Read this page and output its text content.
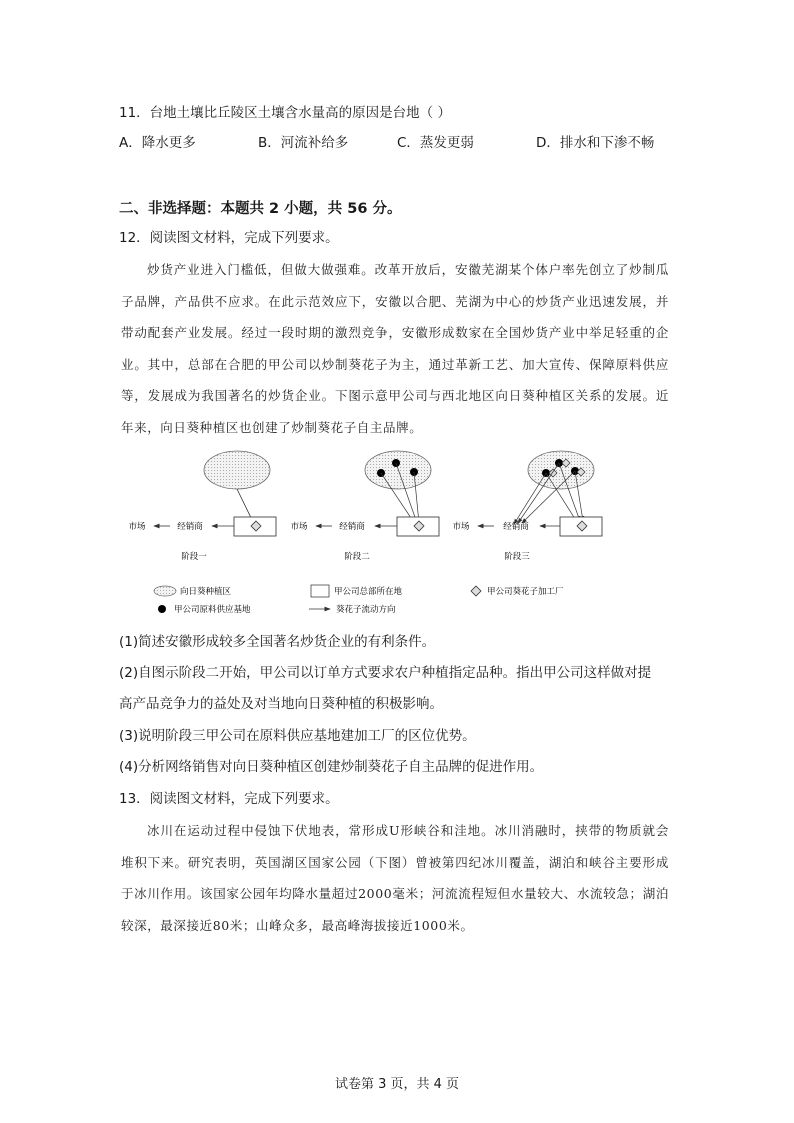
11．台地土壤比丘陵区土壤含水量高的原因是台地（ ）
A．降水更多	B．河流补给多	C．蒸发更弱	D．排水和下渗不畅
二、非选择题：本题共 2 小题，共 56 分。
12．阅读图文材料，完成下列要求。
炒货产业进入门槛低，但做大做强难。改革开放后，安徽芜湖某个体户率先创立了炒制瓜子品牌，产品供不应求。在此示范效应下，安徽以合肥、芜湖为中心的炒货产业迅速发展，并带动配套产业发展。经过一段时期的激烈竞争，安徽形成数家在全国炒货产业中举足轻重的企业。其中，总部在合肥的甲公司以炒制葵花子为主，通过革新工艺、加大宣传、保障原料供应等，发展成为我国著名的炒货企业。下图示意甲公司与西北地区向日葵种植区关系的发展。近年来，向日葵种植区也创建了炒制葵花子自主品牌。
经销商
市场
阶段一
经销商
市场
阶段二
经销商
市场
阶段三
向日葵种植区	甲公司总部所在地	甲公司葵花子加工厂
甲公司原料供应基地	葵花子流动方向
(1)简述安徽形成较多全国著名炒货企业的有利条件。
(2)自图示阶段二开始，甲公司以订单方式要求农户种植指定品种。指出甲公司这样做对提
高产品竞争力的益处及对当地向日葵种植的积极影响。
(3)说明阶段三甲公司在原料供应基地建加工厂的区位优势。
(4)分析网络销售对向日葵种植区创建炒制葵花子自主品牌的促进作用。
13．阅读图文材料，完成下列要求。
冰川在运动过程中侵蚀下伏地表，常形成U形峡谷和洼地。冰川消融时，挟带的物质就会堆积下来。研究表明，英国湖区国家公园（下图）曾被第四纪冰川覆盖，湖泊和峡谷主要形成于冰川作用。该国家公园年均降水量超过2000毫米；河流流程短但水量较大、水流较急；湖泊较深，最深接近80米；山峰众多，最高峰海拔接近1000米。
试卷第 3 页，共 4 页
